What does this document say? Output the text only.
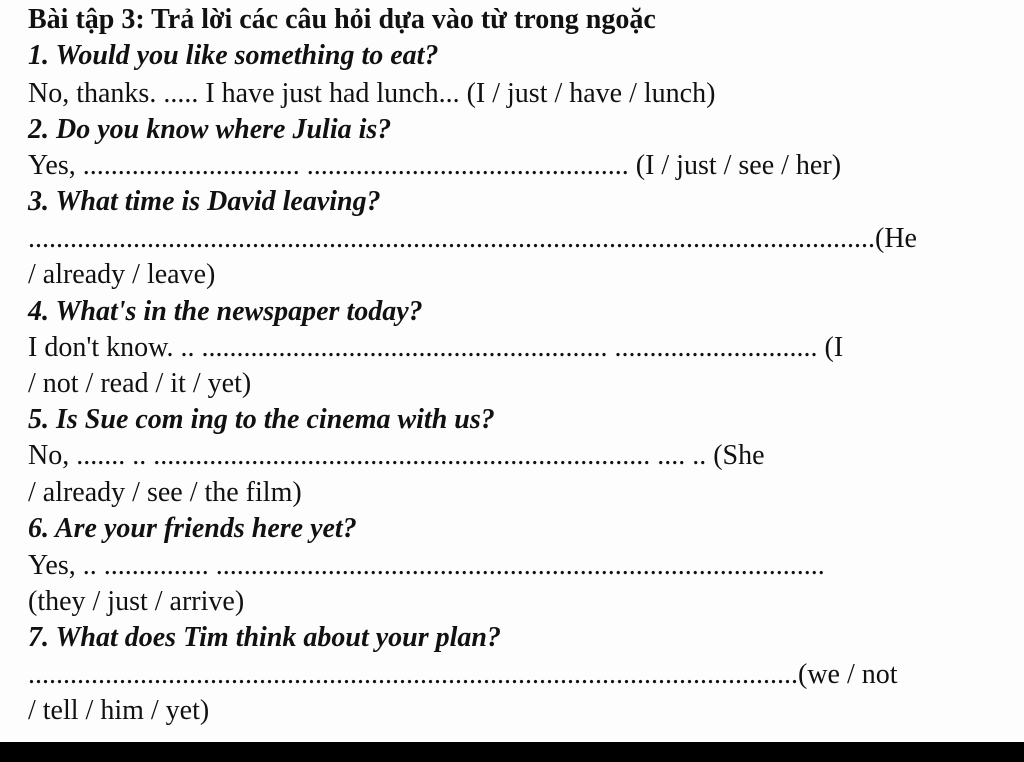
Bài tập 3: Trả lời các câu hỏi dựa vào từ trong ngoặc
1. Would you like something to eat?
No, thanks. ..... I have just had lunch... (I / just / have / lunch)
2. Do you know where Julia is?
Yes, ............................... .............................................. (I / just / see / her)
3. What time is David leaving?
.........................................................................................................................(He
/ already / leave)
4. What's in the newspaper today?
I don't know. .. .......................................................... ............................. (I
/ not / read / it / yet)
5. Is Sue com ing to the cinema with us?
No, ....... .. ....................................................................... .... .. (She
/ already / see / the film)
6. Are your friends here yet?
Yes, .. ............... .......................................................................................
(they / just / arrive)
7. What does Tim think about your plan?
..............................................................................................................(we / not
/ tell / him / yet)
